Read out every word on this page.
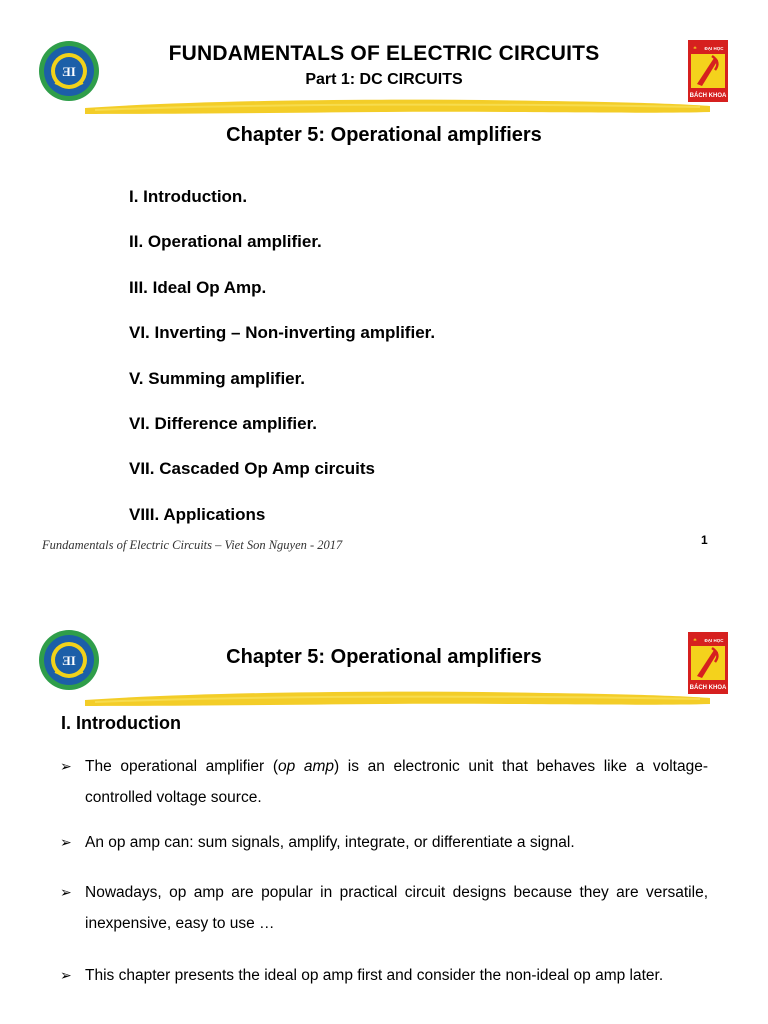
ƎI
ĐẠI HỌC
BÁCH KHOA
FUNDAMENTALS OF ELECTRIC CIRCUITS
Part 1: DC CIRCUITS
Chapter 5: Operational amplifiers
I. Introduction.
II. Operational amplifier.
III. Ideal Op Amp.
VI. Inverting – Non-inverting amplifier.
V. Summing amplifier.
VI. Difference amplifier.
VII. Cascaded Op Amp circuits
VIII. Applications
Fundamentals of Electric Circuits – Viet Son Nguyen - 2017	1
ƎI
ĐẠI HỌC
BÁCH KHOA
Chapter 5: Operational amplifiers
I. Introduction
➢ The operational amplifier (op amp) is an electronic unit that behaves like a voltage-controlled voltage source.
➢ An op amp can: sum signals, amplify, integrate, or differentiate a signal.
➢ Nowadays, op amp are popular in practical circuit designs because they are versatile, inexpensive, easy to use …
➢ This chapter presents the ideal op amp first and consider the non-ideal op amp later.
